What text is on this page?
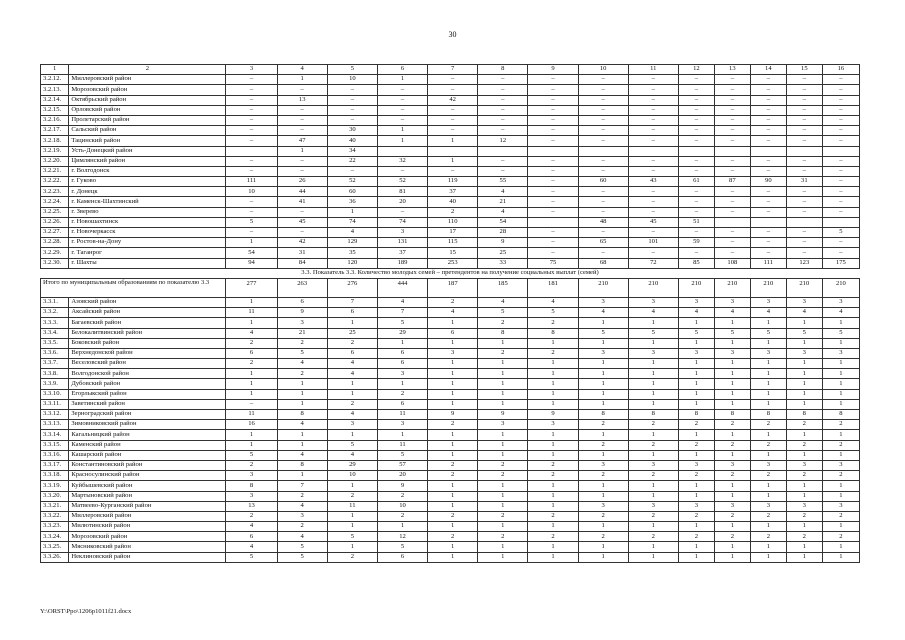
30
1	2	3	4	5	6	7	8	9	10	11	12	13	14	15	16
3.2.12.	Миллеровский район	–	1	10	1	–	–	–	–	–	–	–	–	–	–
3.2.13.	Морозовский район	–	–	–	–	–	–	–	–	–	–	–	–	–	–
3.2.14.	Октябрьский район	–	13	–	–	42	–	–	–	–	–	–	–	–	–
3.2.15.	Орловский район	–	–	–	–	–	–	–	–	–	–	–	–	–	–
3.2.16.	Пролетарский район	–	–	–	–	–	–	–	–	–	–	–	–	–	–
3.2.17.	Сальский район	–	–	30	1	–	–	–	–	–	–	–	–	–	–
3.2.18.	Тацинский район	–	47	40	1	1	12	–	–	–	–	–	–	–	–
3.2.19.	Усть-Донецкий район		1	34											
3.2.20.	Цимлянский район	–	–	22	32	1	–	–	–	–	–	–	–	–	–
3.2.21.	г. Волгодонск	–	–	–	–	–	–	–	–	–	–	–	–	–	–
3.2.22.	г. Гуково	111	26	52	52	119	55	–	60	43	61	87	90	31	–
3.2.23.	г. Донецк	10	44	60	81	37	4	–	–	–	–	–	–	–	–
3.2.24.	г. Каменск-Шахтинский	–	41	36	20	40	21	–	–	–	–	–	–	–	–
3.2.25.	г. Зверево	–	–	1	–	2	4	–	–	–	–	–	–	–	–
3.2.26.	г. Новошахтинск	5	45	74	74	110	54		48	45	51				
3.2.27.	г. Новочеркасск	–	–	4	3	17	28	–	–	–	–	–	–	–	5
3.2.28.	г. Ростов-на-Дону	1	42	129	131	115	9	–	65	101	59	–	–	–	–
3.2.29.	г. Таганрог	54	31	35	37	15	25	–	–	–	–	–	–	–	–
3.2.30.	г. Шахты	94	84	120	189	253	33	75	68	72	85	108	111	123	175
3.3. Показатель 3.3. Количество молодых семей – претендентов на получение социальных выплат (семей)															
Итого по муниципальным образованиям по показателю 3.3		277	263	276	444	187	185	181	210	210	210	210	210	210	210
3.3.1.	Азовский район	1	6	7	4	2	4	4	3	3	3	3	3	3	3
3.3.2.	Аксайский район	11	9	6	7	4	5	5	4	4	4	4	4	4	4
3.3.3.	Багаевский район	1	3	1	5	1	2	2	1	1	1	1	1	1	1
3.3.4.	Белокалитвинский район	4	21	25	29	6	8	8	5	5	5	5	5	5	5
3.3.5.	Боковский район	2	2	2	1	1	1	1	1	1	1	1	1	1	1
3.3.6.	Верхнедонской район	6	5	6	6	3	2	2	3	3	3	3	3	3	3
3.3.7.	Веселовский район	2	4	4	6	1	1	1	1	1	1	1	1	1	1
3.3.8.	Волгодонской район	1	2	4	3	1	1	1	1	1	1	1	1	1	1
3.3.9.	Дубовский район	1	1	1	1	1	1	1	1	1	1	1	1	1	1
3.3.10.	Егорлыкский район	1	1	1	2	1	1	1	1	1	1	1	1	1	1
3.3.11.	Заветинский район	–	1	2	6	1	1	1	1	1	1	1	1	1	1
3.3.12.	Зерноградский район	11	8	4	11	9	9	9	8	8	8	8	8	8	8
3.3.13.	Зимовниковский район	16	4	3	3	2	3	3	2	2	2	2	2	2	2
3.3.14.	Кагальницкий район	1	1	1	1	1	1	1	1	1	1	1	1	1	1
3.3.15.	Каменский район	1	1	5	11	1	1	1	2	2	2	2	2	2	2
3.3.16.	Кашарский район	5	4	4	5	1	1	1	1	1	1	1	1	1	1
3.3.17.	Константиновский район	2	8	29	57	2	2	2	3	3	3	3	3	3	3
3.3.18.	Красносулинский район	3	1	10	20	2	2	2	2	2	2	2	2	2	2
3.3.19.	Куйбышевский район	8	7	1	9	1	1	1	1	1	1	1	1	1	1
3.3.20.	Мартыновский район	3	2	2	2	1	1	1	1	1	1	1	1	1	1
3.3.21.	Матвеево-Курганский район	13	4	11	10	1	1	1	3	3	3	3	3	3	3
3.3.22.	Миллеровский район	2	3	1	2	2	2	2	2	2	2	2	2	2	2
3.3.23.	Милютинский район	4	2	1	1	1	1	1	1	1	1	1	1	1	1
3.3.24.	Морозовский район	6	4	5	12	2	2	2	2	2	2	2	2	2	2
3.3.25.	Мясниковский район	4	5	1	5	1	1	1	1	1	1	1	1	1	1
3.3.26.	Неклиновский район	5	5	2	6	1	1	1	1	1	1	1	1	1	1
Y:\ORST\Ppo\1206p1011f21.docx
